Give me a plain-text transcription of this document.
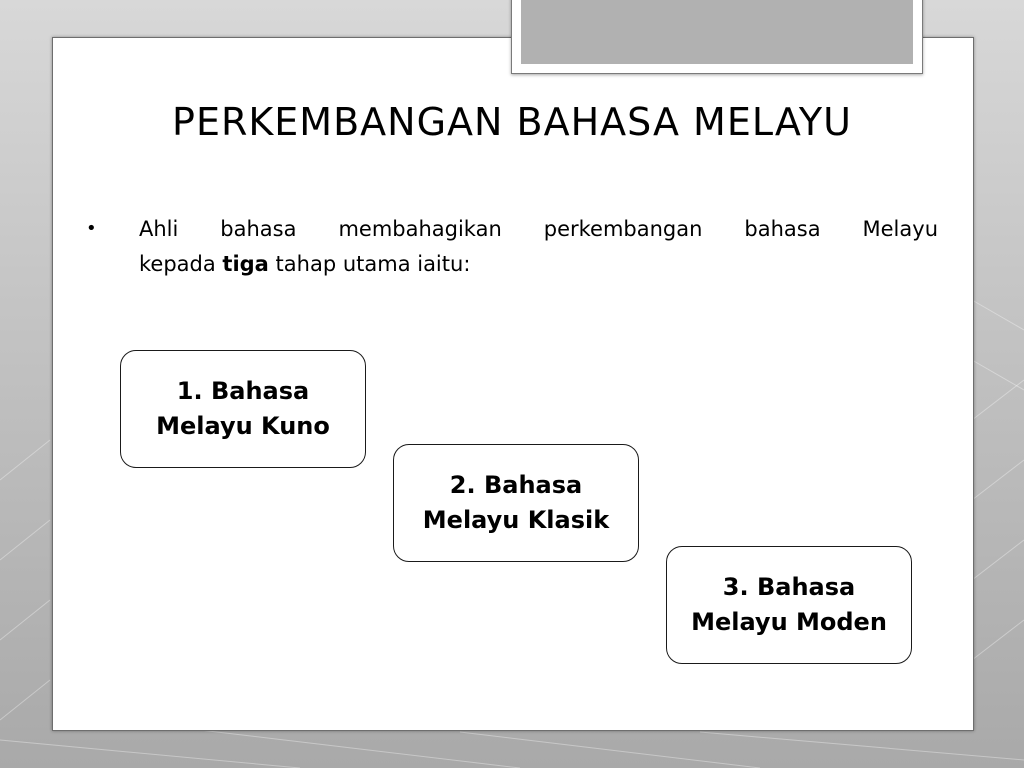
PERKEMBANGAN BAHASA MELAYU
• Ahli bahasa membahagikan perkembangan bahasa Melayu
kepada tiga tahap utama iaitu:
1. Bahasa
Melayu Kuno
2. Bahasa
Melayu Klasik
3. Bahasa
Melayu Moden
